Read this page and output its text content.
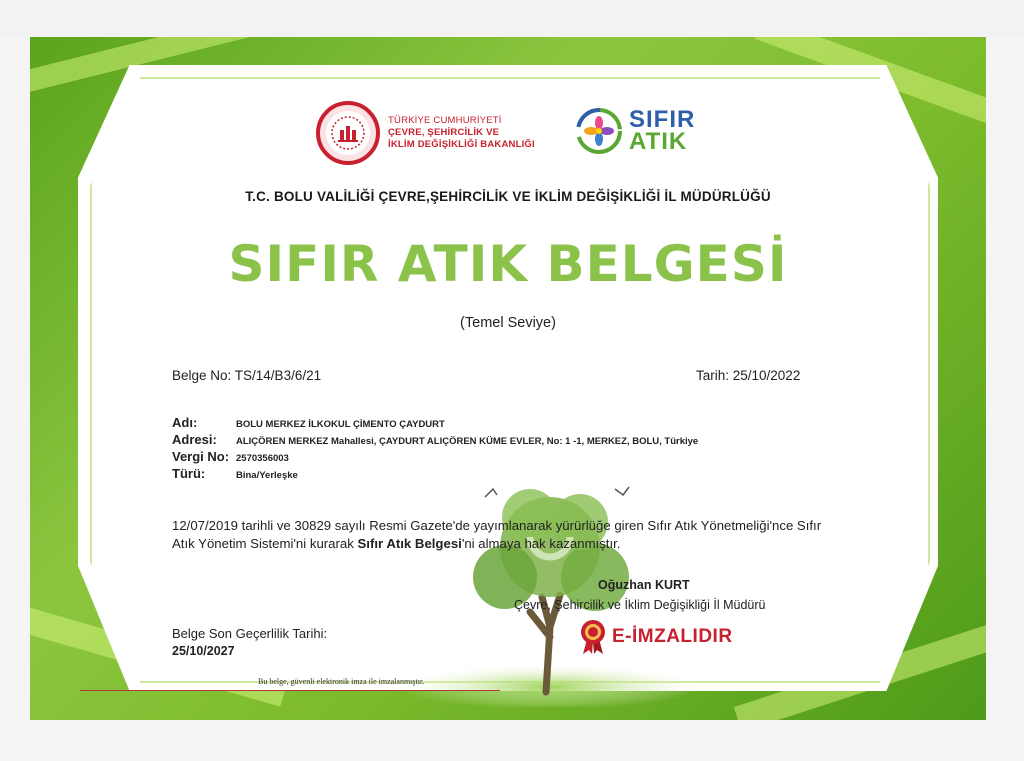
TÜRKİYE CUMHURİYETİ
ÇEVRE, ŞEHİRCİLİK VE
İKLİM DEĞİŞİKLİĞİ BAKANLIĞI
SIFIR
ATIK
T.C. BOLU VALİLİĞİ ÇEVRE,ŞEHİRCİLİK VE İKLİM DEĞİŞİKLİĞİ İL MÜDÜRLÜĞÜ
SIFIR ATIK BELGESİ
(Temel Seviye)
Belge No: TS/14/B3/6/21	Tarih: 25/10/2022
Adı:	BOLU MERKEZ İLKOKUL ÇİMENTO ÇAYDURT
Adresi:	ALIÇÖREN MERKEZ Mahallesi, ÇAYDURT ALIÇÖREN KÜME EVLER, No: 1 -1, MERKEZ, BOLU, Türkiye
Vergi No: 2570356003
Türü:	Bina/Yerleşke
12/07/2019 tarihli ve 30829 sayılı Resmi Gazete'de yayımlanarak yürürlüğe giren Sıfır Atık Yönetmeliği'nce Sıfır Atık Yönetim Sistemi'ni kurarak Sıfır Atık Belgesi'ni almaya hak kazanmıştır.
Oğuzhan KURT
Çevre, Şehircilik ve İklim Değişikliği İl Müdürü
E-İMZALIDIR
Belge Son Geçerlilik Tarihi:
25/10/2027
Bu belge, güvenli elektronik imza ile imzalanmıştır.
